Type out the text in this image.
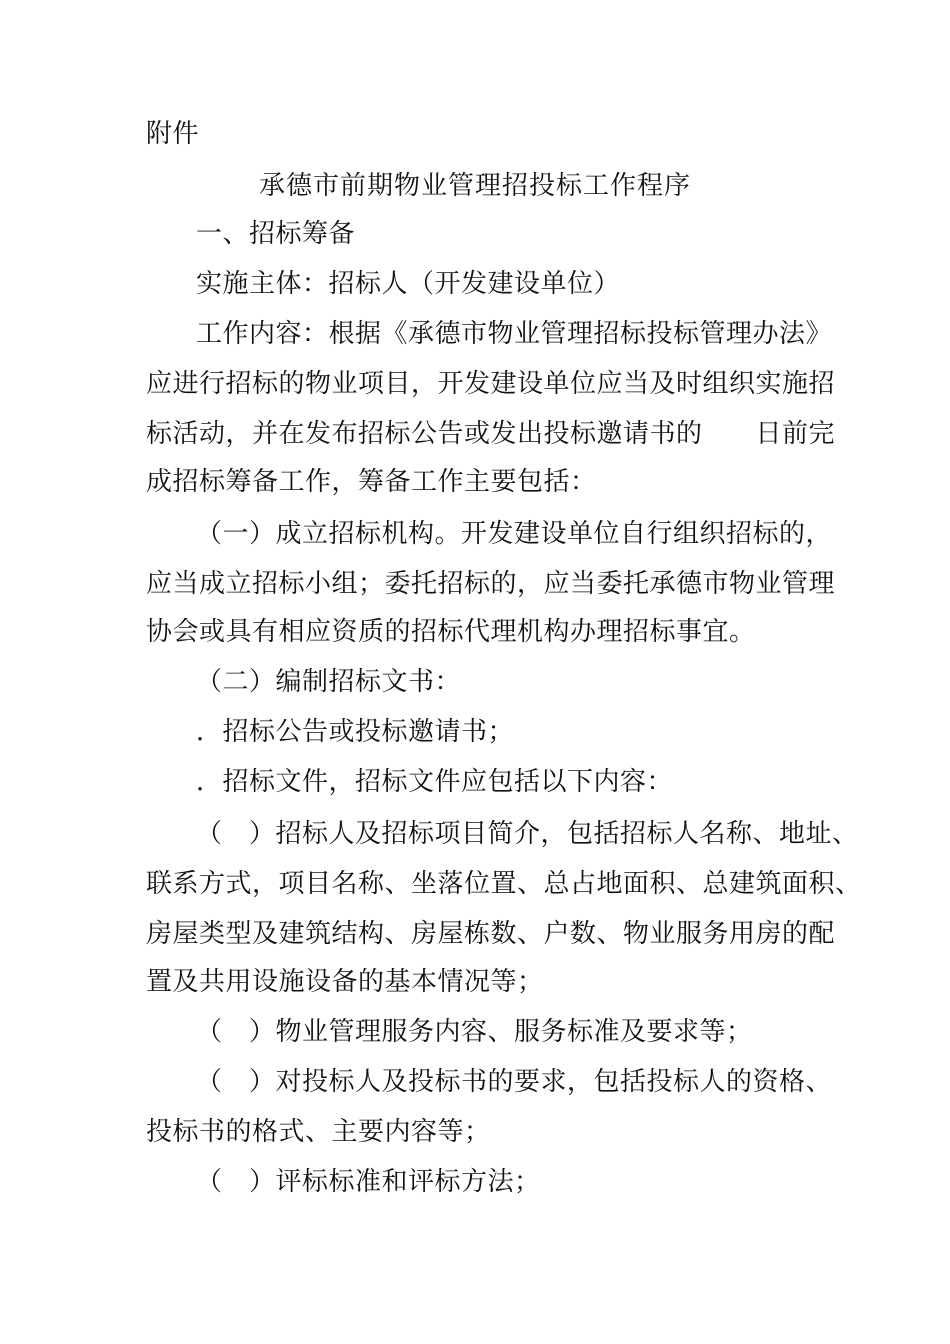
附件
承德市前期物业管理招投标工作程序
一、招标筹备
实施主体：招标人（开发建设单位）
工作内容：根据《承德市物业管理招标投标管理办法》
应进行招标的物业项目，开发建设单位应当及时组织实施招
标活动，并在发布招标公告或发出投标邀请书的　　日前完
成招标筹备工作，筹备工作主要包括：
（一）成立招标机构。开发建设单位自行组织招标的，
应当成立招标小组；委托招标的，应当委托承德市物业管理
协会或具有相应资质的招标代理机构办理招标事宜。
（二）编制招标文书：
．招标公告或投标邀请书；
．招标文件，招标文件应包括以下内容：
（　）招标人及招标项目简介，包括招标人名称、地址、
联系方式，项目名称、坐落位置、总占地面积、总建筑面积、
房屋类型及建筑结构、房屋栋数、户数、物业服务用房的配
置及共用设施设备的基本情况等；
（　）物业管理服务内容、服务标准及要求等；
（　）对投标人及投标书的要求，包括投标人的资格、
投标书的格式、主要内容等；
（　）评标标准和评标方法；
